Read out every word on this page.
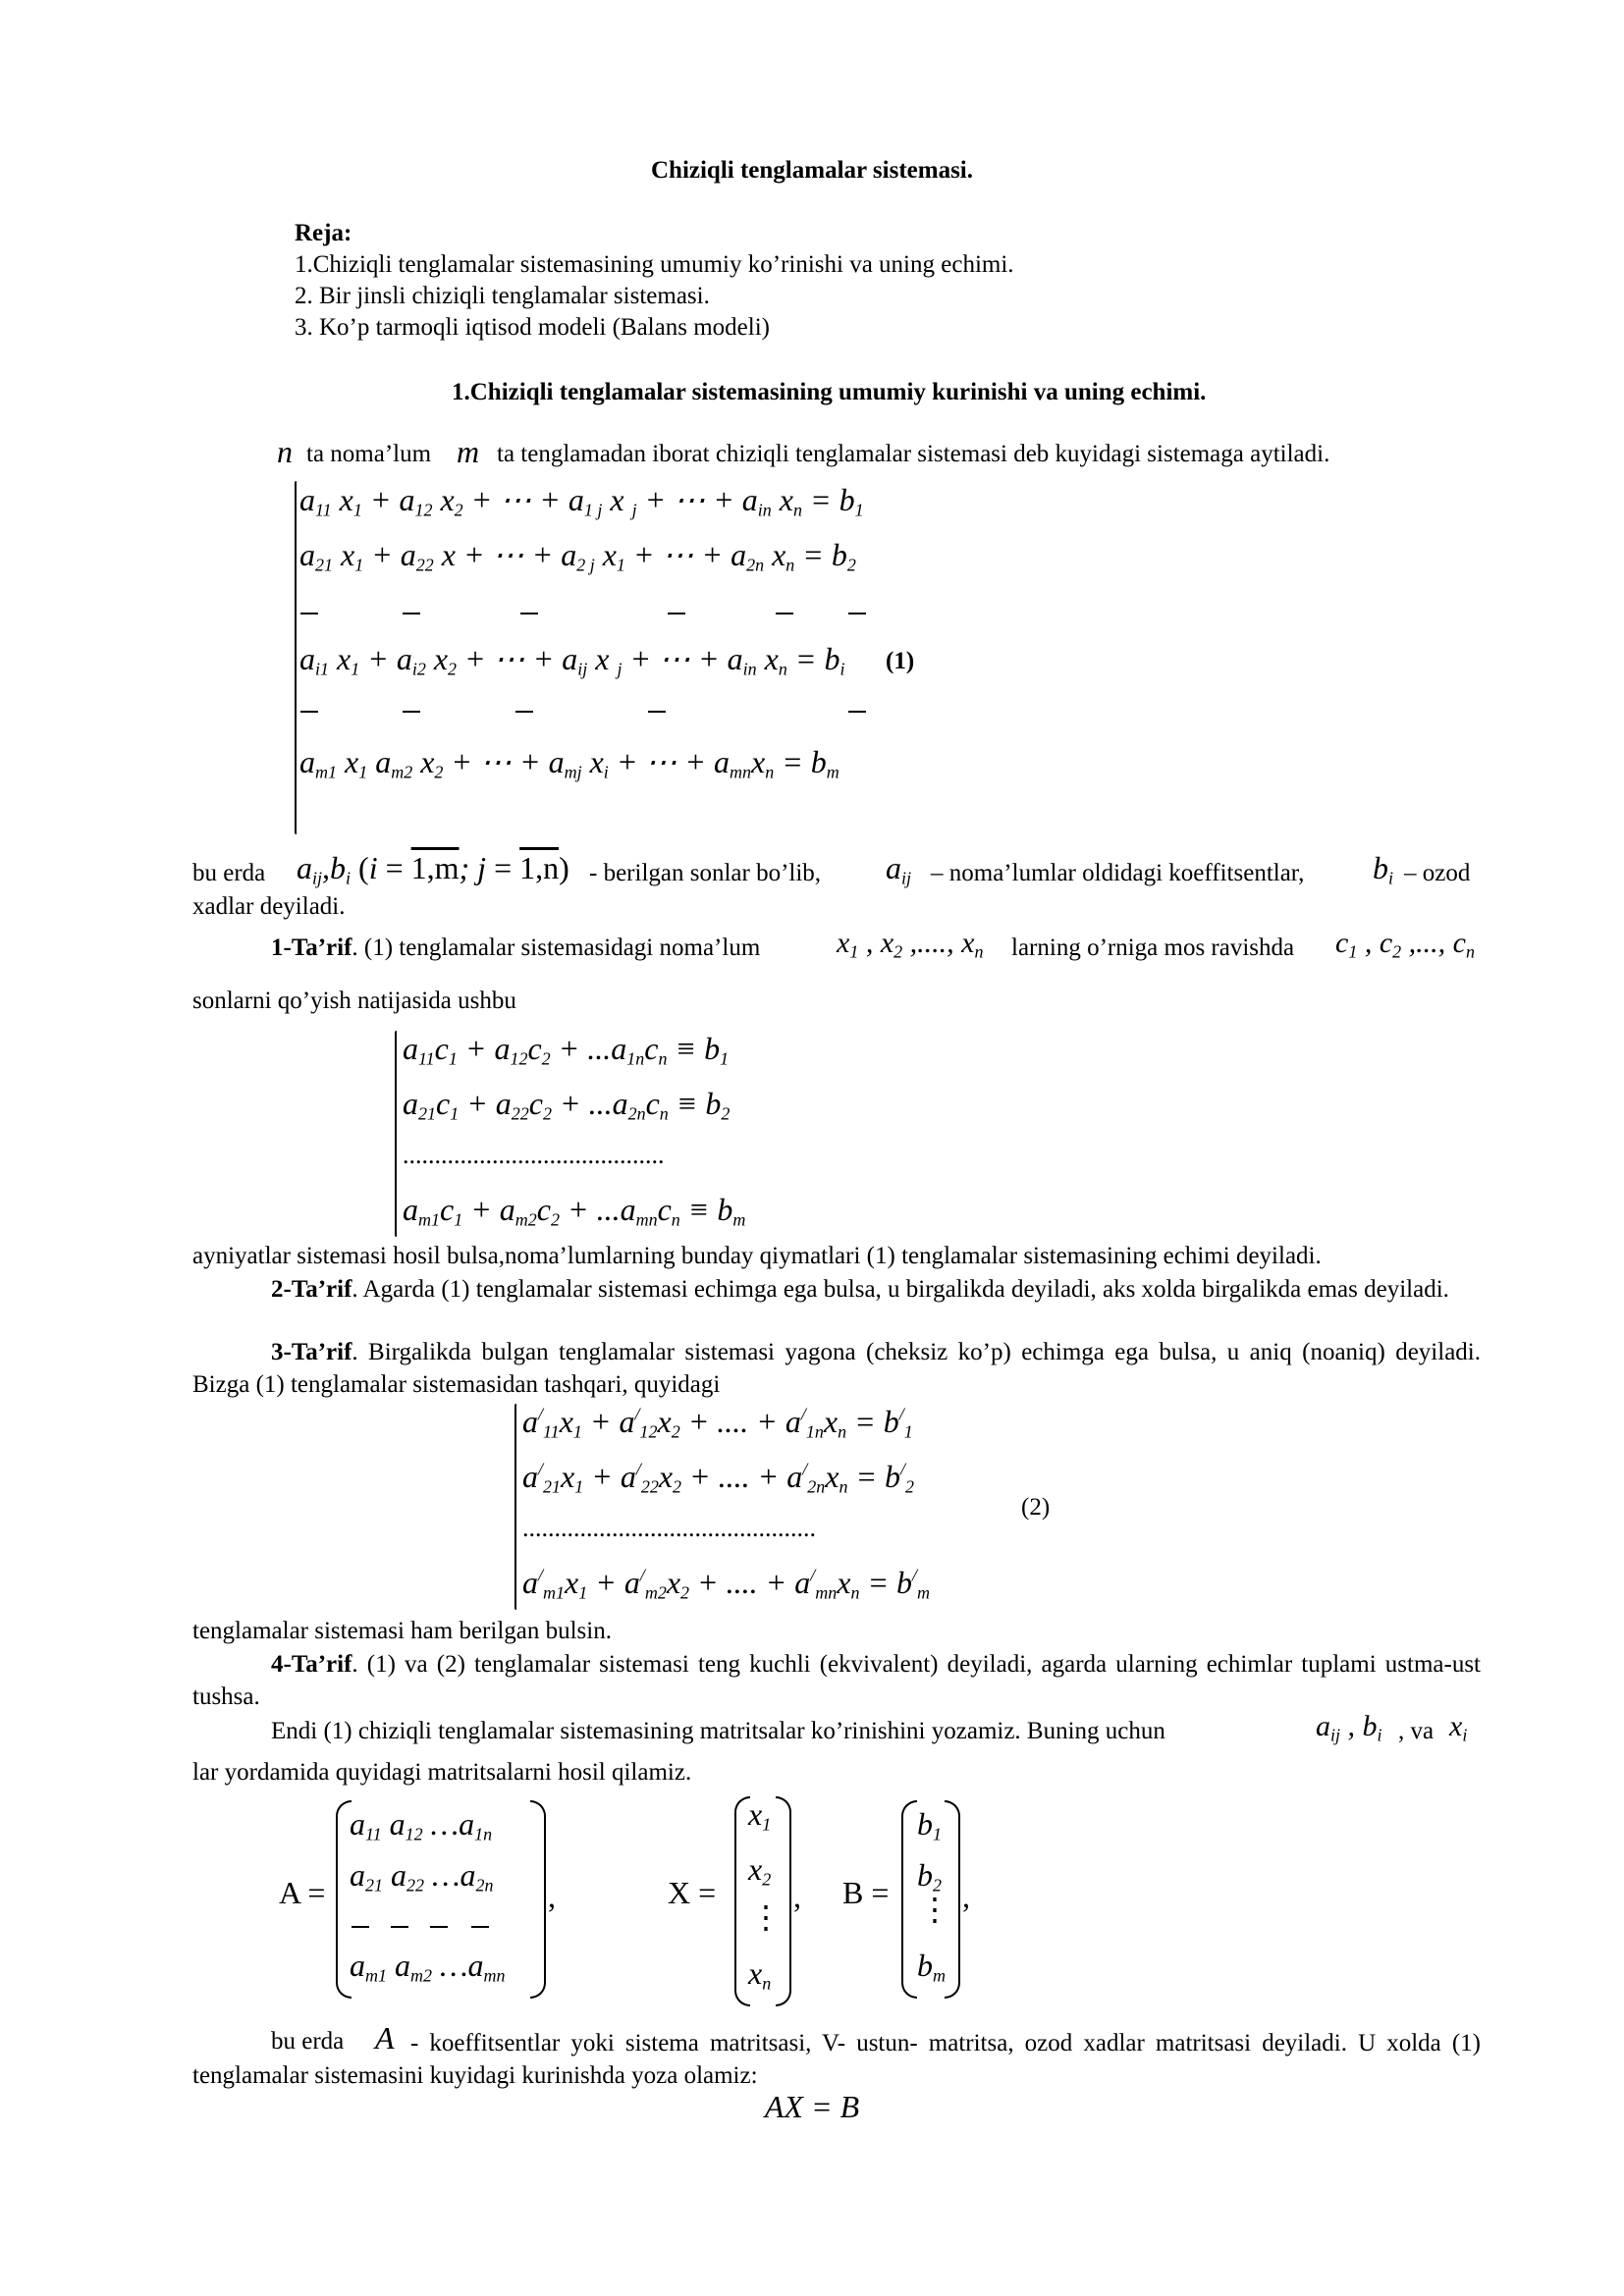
Chiziqli tenglamalar sistemasi.
Reja:
1.Chiziqli tenglamalar sistemasining umumiy ko’rinishi va uning echimi.
2. Bir jinsli chiziqli tenglamalar sistemasi.
3. Ko’p tarmoqli iqtisod modeli (Balans modeli)
1.Chiziqli tenglamalar sistemasining umumiy kurinishi va uning echimi.
n ta noma’lum m ta tenglamadan iborat chiziqli tenglamalar sistemasi deb kuyidagi sistemaga aytiladi.
$a_{11}$ $x_1 + a_{12}$ $x_2$ + ⋯ + $a_{1 j}$ x $_j$ + ⋯ + $a_{in}$ $x_n = b_1$
$a_{21}$ $x_1 + a_{22}$ x + ⋯ + $a_{2 j}$ $x_1$ + ⋯ + $a_{2n}$ $x_n = b_2$
$a_{i1}$ $x_1 + a_{i2}$ $x_2$ + ⋯ + $a_{ij}$ x $_j$ + ⋯ + $a_{in}$ $x_n = b_i$ (1)
$a_{m1}$ $x_1$ $a_{m2}$ $x_2$ + ⋯ + $a_{mj}$ $x_i$ + ⋯ + $a_{mn}x_n = b_m$
bu erda $a_{ij},b_i$ (i = 1,m; j = 1,n) - berilgan sonlar bo’lib, $a_{ij}$ – noma’lumlar oldidagi koeffitsentlar, $b_i$ – ozod
xadlar deyiladi.
1-Ta’rif. (1) tenglamalar sistemasidagi noma’lum	$x_1$ , $x_2$ ,...., $x_n$ larning o’rniga mos ravishda $c_1$ , $c_2$ ,..., $c_n$
sonlarni qo’yish natijasida ushbu
$a_{11}c_1 + a_{12}c_2 + ...a_{1n}c_n \equiv b_1$
$a_{21}c_1 + a_{22}c_2 + ...a_{2n}c_n \equiv b_2$
.........................................
$a_{m1}c_1 + a_{m2}c_2 + ...a_{mn}c_n \equiv b_m$
ayniyatlar sistemasi hosil bulsa,noma’lumlarning bunday qiymatlari (1) tenglamalar sistemasining echimi deyiladi.
2-Ta’rif. Agarda (1) tenglamalar sistemasi echimga ega bulsa, u birgalikda deyiladi, aks xolda birgalikda emas deyiladi.
3-Ta’rif. Birgalikda bulgan tenglamalar sistemasi yagona (cheksiz ko’p) echimga ega bulsa, u aniq (noaniq) deyiladi. Bizga (1) tenglamalar sistemasidan tashqari, quyidagi
$a^/_{11}x_1 + a^/_{12}x_2$ + .... + $a^/_{1n}x_n = b^/_1$
$a^/_{21}x_1 + a^/_{22}x_2$ + .... + $a^/_{2n}x_n = b^/_2$
..............................................
$a^/_{m1}x_1 + a^/_{m2}x_2$ + .... + $a^/_{mn}x_n = b^/_m$
(2)
tenglamalar sistemasi ham berilgan bulsin.
4-Ta’rif. (1) va (2) tenglamalar sistemasi teng kuchli (ekvivalent) deyiladi, agarda ularning echimlar tuplami ustma-ust tushsa.
Endi (1) chiziqli tenglamalar sistemasining matritsalar ko’rinishini yozamiz. Buning uchun	$a_{ij}$ , $b_i$ , va $x_i$
lar yordamida quyidagi matritsalarni hosil qilamiz.
A =
$a_{11}$ $a_{12}$ $\dots a_{1n}$
$a_{21}$ $a_{22}$ $\dots a_{2n}$
$a_{m1}$ $a_{m2}$ $\dots a_{mn}$
,	X =
$x_1$
$x_2$
⋮
$x_n$
, B =
$b_1$
$b_2$
⋮
$b_m$
,
bu erda A - koeffitsentlar yoki sistema matritsasi, V- ustun- matritsa, ozod xadlar matritsasi deyiladi. U xolda (1) tenglamalar sistemasini kuyidagi kurinishda yoza olamiz:
AX = B
